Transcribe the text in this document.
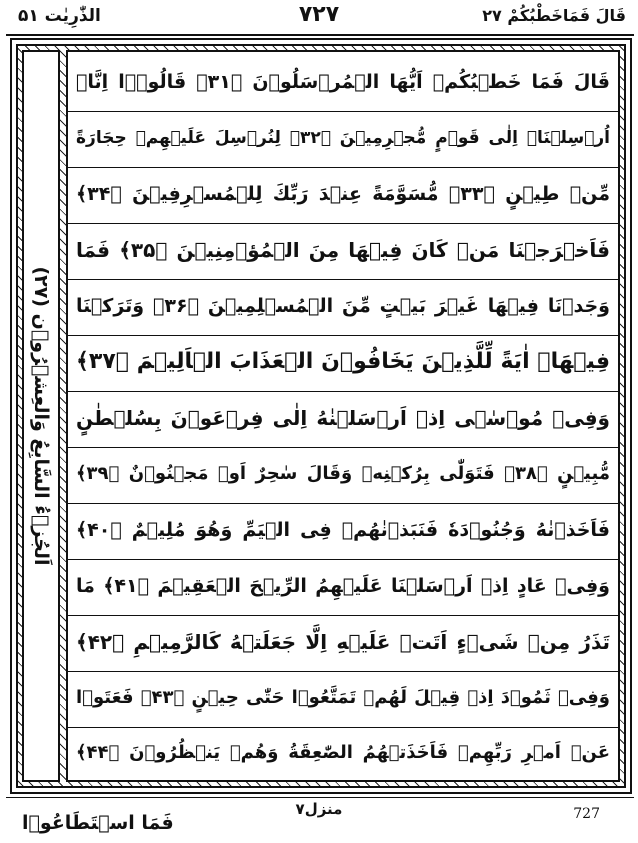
الذّٰرِيٰت ۵۱	۷۲۷	قَالَ فَمَاخَطْبُكُمْ ۲۷
اَلجُزۡءُ السَّابِعُ وَالعِشۡرُوۡن (۲۷)
قَالَ فَمَا خَطۡبُكُمۡ اَيُّهَا الۡمُرۡسَلُوۡنَ ﴿۳۱﴾ قَالُوۡۤا اِنَّاۤ
اُرۡسِلۡنَاۤ اِلٰى قَوۡمٍ مُّجۡرِمِيۡنَ ﴿۳۲﴾ لِنُرۡسِلَ عَلَيۡهِمۡ حِجَارَةً
مِّنۡ طِيۡنٍ ﴿۳۳﴾ مُّسَوَّمَةً عِنۡدَ رَبِّكَ لِلۡمُسۡرِفِيۡنَ ﴿۳۴﴾
فَاَخۡرَجۡنَا مَنۡ كَانَ فِيۡهَا مِنَ الۡمُؤۡمِنِيۡنَ ﴿۳۵﴾ فَمَا
وَجَدۡنَا فِيۡهَا غَيۡرَ بَيۡتٍ مِّنَ الۡمُسۡلِمِيۡنَ ﴿۳۶﴾ وَتَرَكۡنَا
فِيۡهَاۤ اٰيَةً لِّلَّذِيۡنَ يَخَافُوۡنَ الۡعَذَابَ الۡاَلِيۡمَ ﴿۳۷﴾
وَفِىۡ مُوۡسٰۤى اِذۡ اَرۡسَلۡنٰهُ اِلٰى فِرۡعَوۡنَ بِسُلۡطٰنٍ
مُّبِيۡنٍ ﴿۳۸﴾ فَتَوَلّٰى بِرُكۡنِهٖ وَقَالَ سٰحِرٌ اَوۡ مَجۡنُوۡنٌ ﴿۳۹﴾
فَاَخَذۡنٰهُ وَجُنُوۡدَهٗ فَنَبَذۡنٰهُمۡ فِى الۡيَمِّ وَهُوَ مُلِيۡمٌ ﴿۴۰﴾
وَفِىۡ عَادٍ اِذۡ اَرۡسَلۡنَا عَلَيۡهِمُ الرِّيۡحَ الۡعَقِيۡمَ ﴿۴۱﴾ مَا
تَذَرُ مِنۡ شَىۡءٍ اَتَتۡ عَلَيۡهِ اِلَّا جَعَلَتۡهُ كَالرَّمِيۡمِ ﴿۴۲﴾
وَفِىۡ ثَمُوۡدَ اِذۡ قِيۡلَ لَهُمۡ تَمَتَّعُوۡا حَتّٰى حِيۡنٍ ﴿۴۳﴾ فَعَتَوۡا
عَنۡ اَمۡرِ رَبِّهِمۡ فَاَخَذَتۡهُمُ الصّٰعِقَةُ وَهُمۡ يَنۡظُرُوۡنَ ﴿۴۴﴾
فَمَا اسۡتَطَاعُوۡا
منزل۷	727
